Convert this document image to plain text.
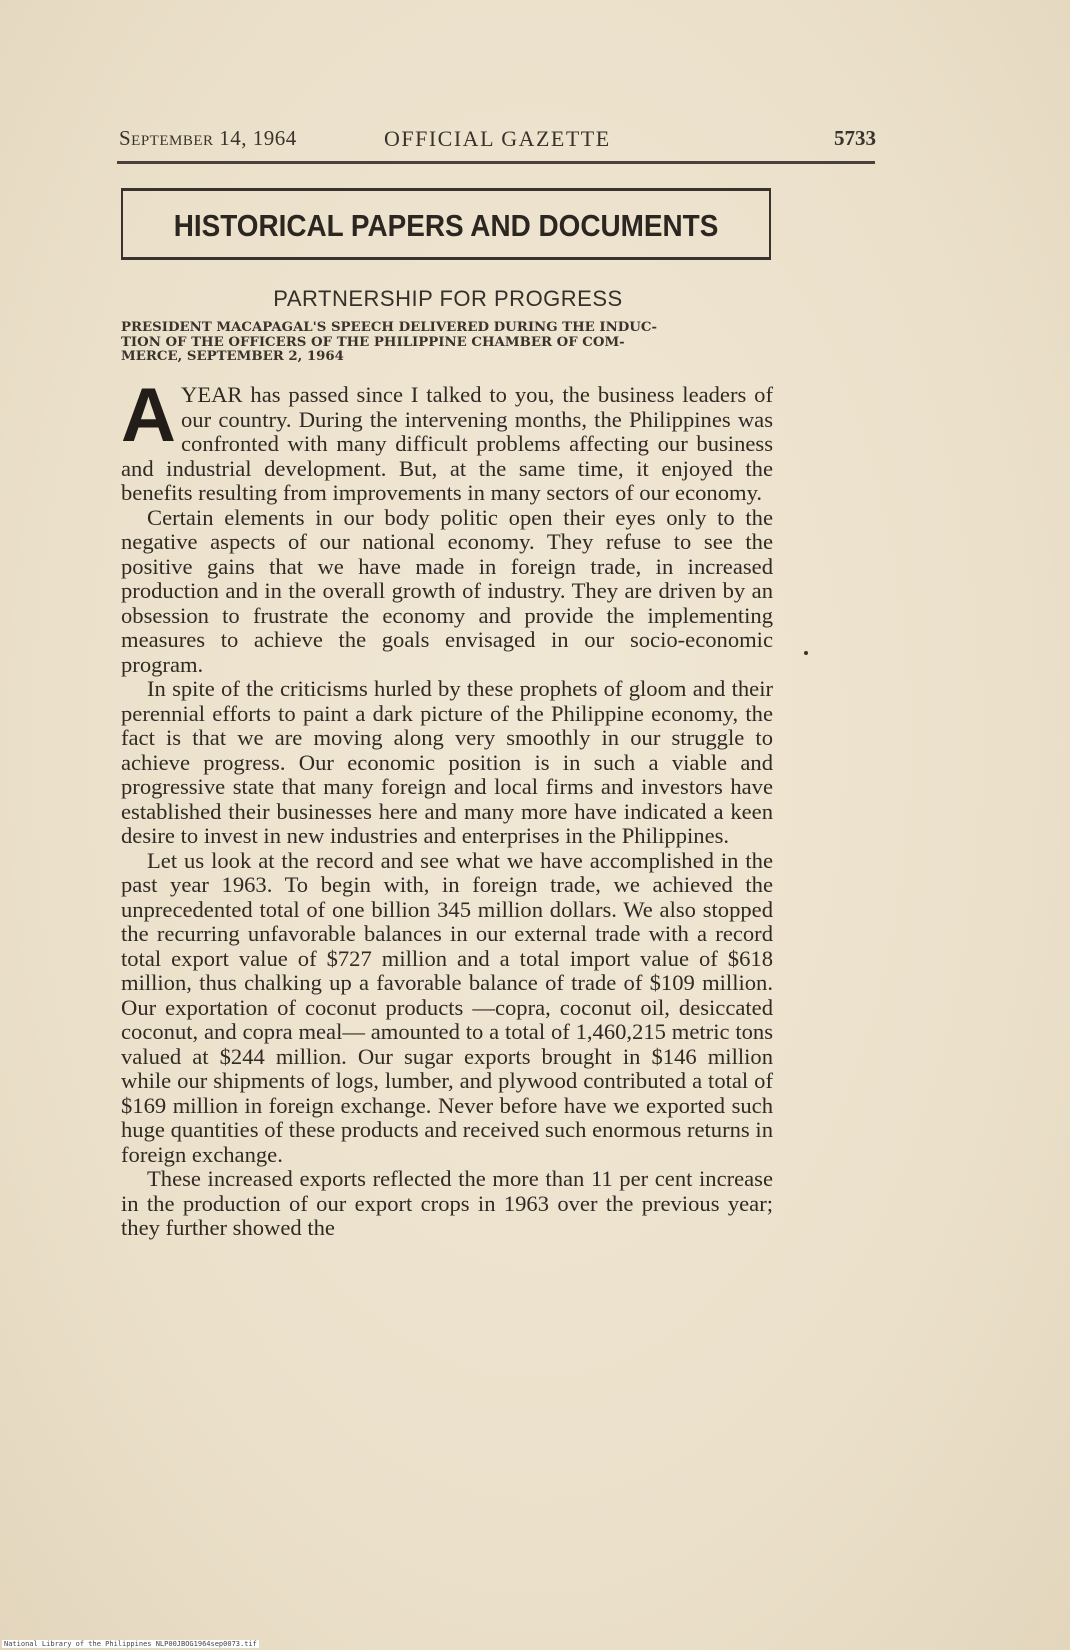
September 14, 1964	OFFICIAL GAZETTE	5733
HISTORICAL PAPERS AND DOCUMENTS
PARTNERSHIP FOR PROGRESS
PRESIDENT MACAPAGAL'S SPEECH DELIVERED DURING THE INDUC-
TION OF THE OFFICERS OF THE PHILIPPINE CHAMBER OF COM-
MERCE, SEPTEMBER 2, 1964

AYEAR has passed since I talked to you, the business leaders of our country. During the intervening months, the Philippines was confronted with many difficult problems affecting our business and industrial development. But, at the same time, it enjoyed the benefits resulting from improvements in many sectors of our economy.

Certain elements in our body politic open their eyes only to the negative aspects of our national economy. They refuse to see the positive gains that we have made in foreign trade, in increased production and in the overall growth of industry. They are driven by an obsession to frustrate the economy and provide the implementing measures to achieve the goals envisaged in our socio-economic program.

In spite of the criticisms hurled by these prophets of gloom and their perennial efforts to paint a dark picture of the Philippine economy, the fact is that we are moving along very smoothly in our struggle to achieve progress. Our economic position is in such a viable and progressive state that many foreign and local firms and investors have established their businesses here and many more have indicated a keen desire to invest in new industries and enterprises in the Philippines.

Let us look at the record and see what we have accomplished in the past year 1963. To begin with, in foreign trade, we achieved the unprecedented total of one billion 345 million dollars. We also stopped the recurring unfavorable balances in our external trade with a record total export value of $727 million and a total import value of $618 million, thus chalking up a favorable balance of trade of $109 million. Our exportation of coconut products —copra, coconut oil, desiccated coconut, and copra meal— amounted to a total of 1,460,215 metric tons valued at $244 million. Our sugar exports brought in $146 million while our shipments of logs, lumber, and plywood contributed a total of $169 million in foreign exchange. Never before have we exported such huge quantities of these products and received such enormous returns in foreign exchange.

These increased exports reflected the more than 11 per cent increase in the production of our export crops in 1963 over the previous year; they further showed the

National Library of the Philippines NLP00JBOG1964sep0073.tif
